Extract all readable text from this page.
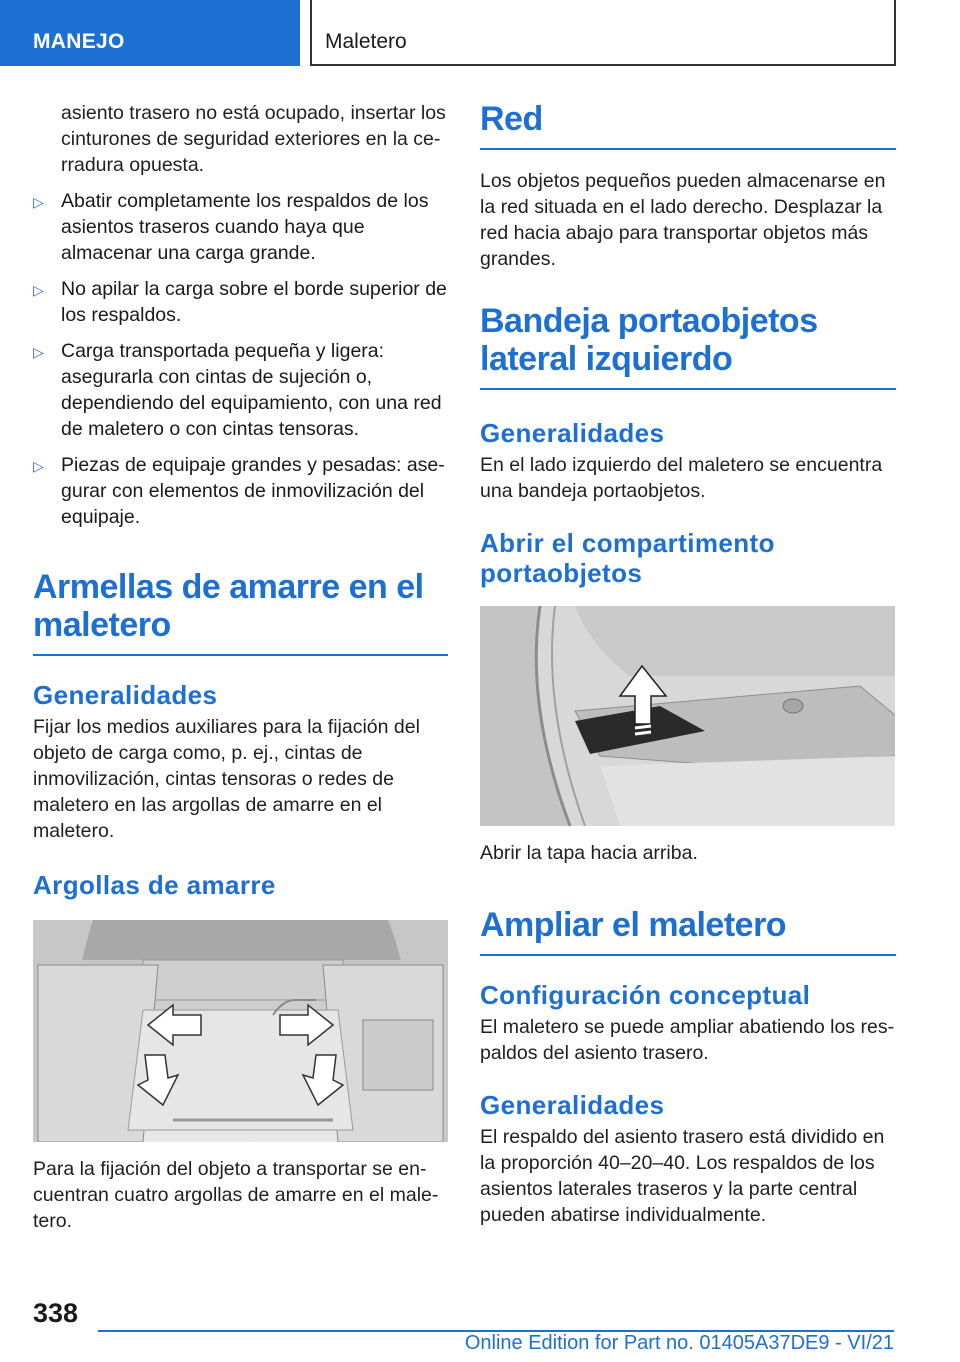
MANEJO	Maletero

asiento trasero no está ocupado, insertar los cinturones de seguridad exteriores en la cerradura opuesta.

▷ Abatir completamente los respaldos de los asientos traseros cuando haya que almacenar una carga grande.
▷ No apilar la carga sobre el borde superior de los respaldos.
▷ Carga transportada pequeña y ligera: asegurarla con cintas de sujeción o, dependiendo del equipamiento, con una red de maletero o con cintas tensoras.
▷ Piezas de equipaje grandes y pesadas: asegurar con elementos de inmovilización del equipaje.
Armellas de amarre en el maletero
Generalidades

Fijar los medios auxiliares para la fijación del objeto de carga como, p. ej., cintas de inmovilización, cintas tensoras o redes de maletero en las argollas de amarre en el maletero.

Argollas de amarre

Para la fijación del objeto a transportar se encuentran cuatro argollas de amarre en el maletero.

Red

Los objetos pequeños pueden almacenarse en la red situada en el lado derecho. Desplazar la red hacia abajo para transportar objetos más grandes.

Bandeja portaobjetos lateral izquierdo
Generalidades

En el lado izquierdo del maletero se encuentra una bandeja portaobjetos.

Abrir el compartimento portaobjetos

Abrir la tapa hacia arriba.

Ampliar el maletero
Configuración conceptual

El maletero se puede ampliar abatiendo los respaldos del asiento trasero.

Generalidades

El respaldo del asiento trasero está dividido en la proporción 40–20–40. Los respaldos de los asientos laterales traseros y la parte central pueden abatirse individualmente.

338
Online Edition for Part no. 01405A37DE9 - VI/21
